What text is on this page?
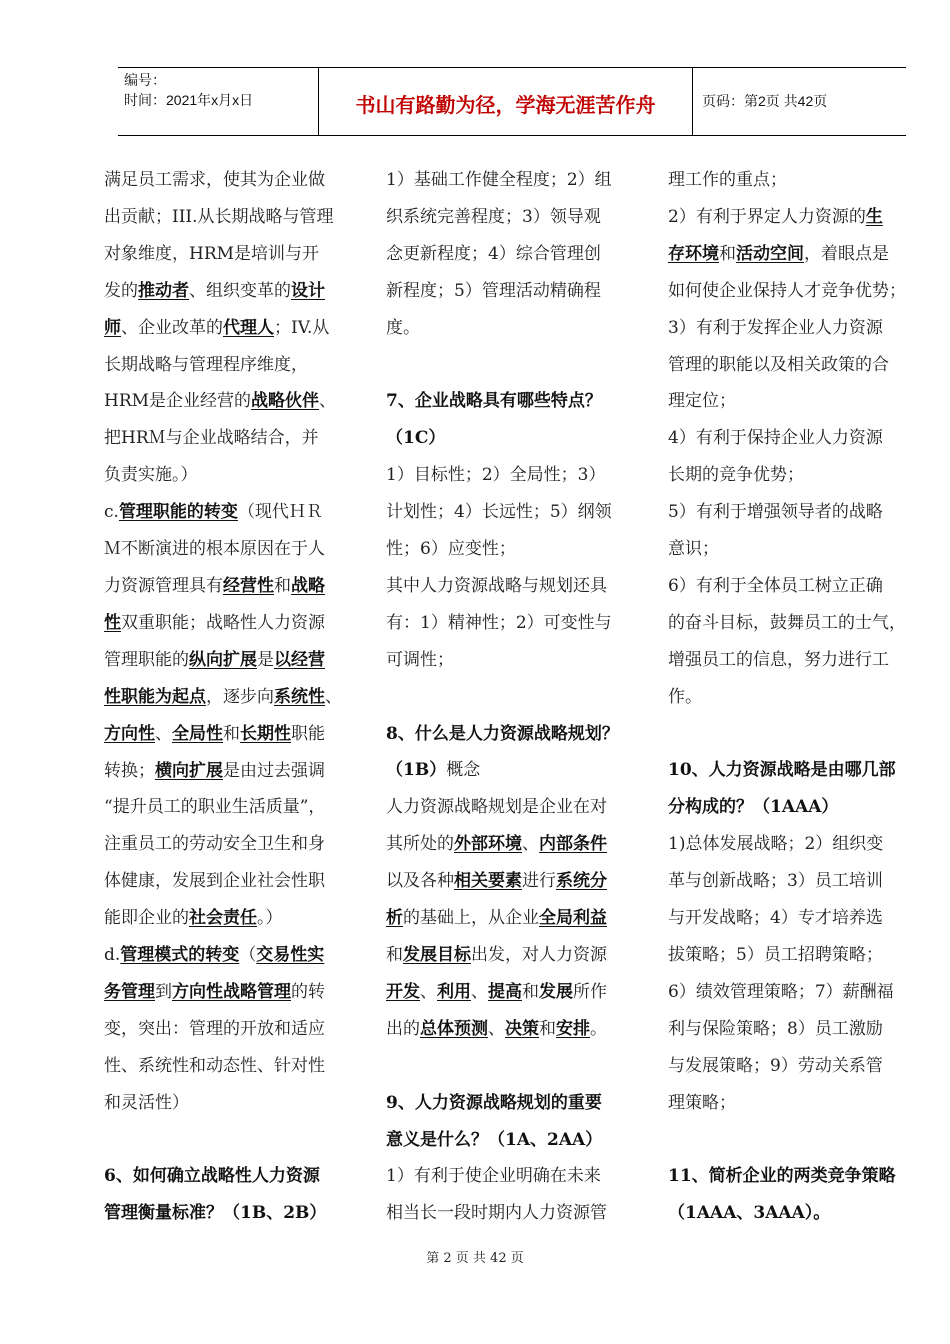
编号：
时间：2021年x月x日	书山有路勤为径，学海无涯苦作舟	页码：第2页 共42页
满足员工需求，使其为企业做
出贡献；III.从长期战略与管理
对象维度，HRM是培训与开
发的推动者、组织变革的设计
师、企业改革的代理人；IV.从
长期战略与管理程序维度，
HRM是企业经营的战略伙伴、
把HRＭ与企业战略结合，并
负责实施。）
c.管理职能的转变（现代ＨＲ
Ｍ不断演进的根本原因在于人
力资源管理具有经营性和战略
性双重职能；战略性人力资源
管理职能的纵向扩展是以经营
性职能为起点，逐步向系统性、
方向性、全局性和长期性职能
转换；横向扩展是由过去强调
“提升员工的职业生活质量”，
注重员工的劳动安全卫生和身
体健康，发展到企业社会性职
能即企业的社会责任。）
d.管理模式的转变（交易性实
务管理到方向性战略管理的转
变，突出：管理的开放和适应
性、系统性和动态性、针对性
和灵活性）
6、如何确立战略性人力资源
管理衡量标准？（1B、2B）
1）基础工作健全程度；2）组
织系统完善程度；3）领导观
念更新程度；4）综合管理创
新程度；5）管理活动精确程
度。
7、企业战略具有哪些特点？
（1C）
1）目标性；2）全局性；3）
计划性；4）长远性；5）纲领
性；6）应变性；
其中人力资源战略与规划还具
有：1）精神性；2）可变性与
可调性；
8、什么是人力资源战略规划？
（1B）概念
人力资源战略规划是企业在对
其所处的外部环境、内部条件
以及各种相关要素进行系统分
析的基础上，从企业全局利益
和发展目标出发，对人力资源
开发、利用、提高和发展所作
出的总体预测、决策和安排。
9、人力资源战略规划的重要
意义是什么？（1A、2AA）
1）有利于使企业明确在未来
相当长一段时期内人力资源管
理工作的重点；
2）有利于界定人力资源的生
存环境和活动空间，着眼点是
如何使企业保持人才竞争优势；
3）有利于发挥企业人力资源
管理的职能以及相关政策的合
理定位；
4）有利于保持企业人力资源
长期的竞争优势；
5）有利于增强领导者的战略
意识；
6）有利于全体员工树立正确
的奋斗目标，鼓舞员工的士气，
增强员工的信息，努力进行工
作。
10、人力资源战略是由哪几部
分构成的？（1AAA）
1)总体发展战略；2）组织变
革与创新战略；3）员工培训
与开发战略；4）专才培养选
拔策略；5）员工招聘策略；
6）绩效管理策略；7）薪酬福
利与保险策略；8）员工激励
与发展策略；9）劳动关系管
理策略；
11、简析企业的两类竞争策略
（1AAA、3AAA）。
第 2 页 共 42 页
